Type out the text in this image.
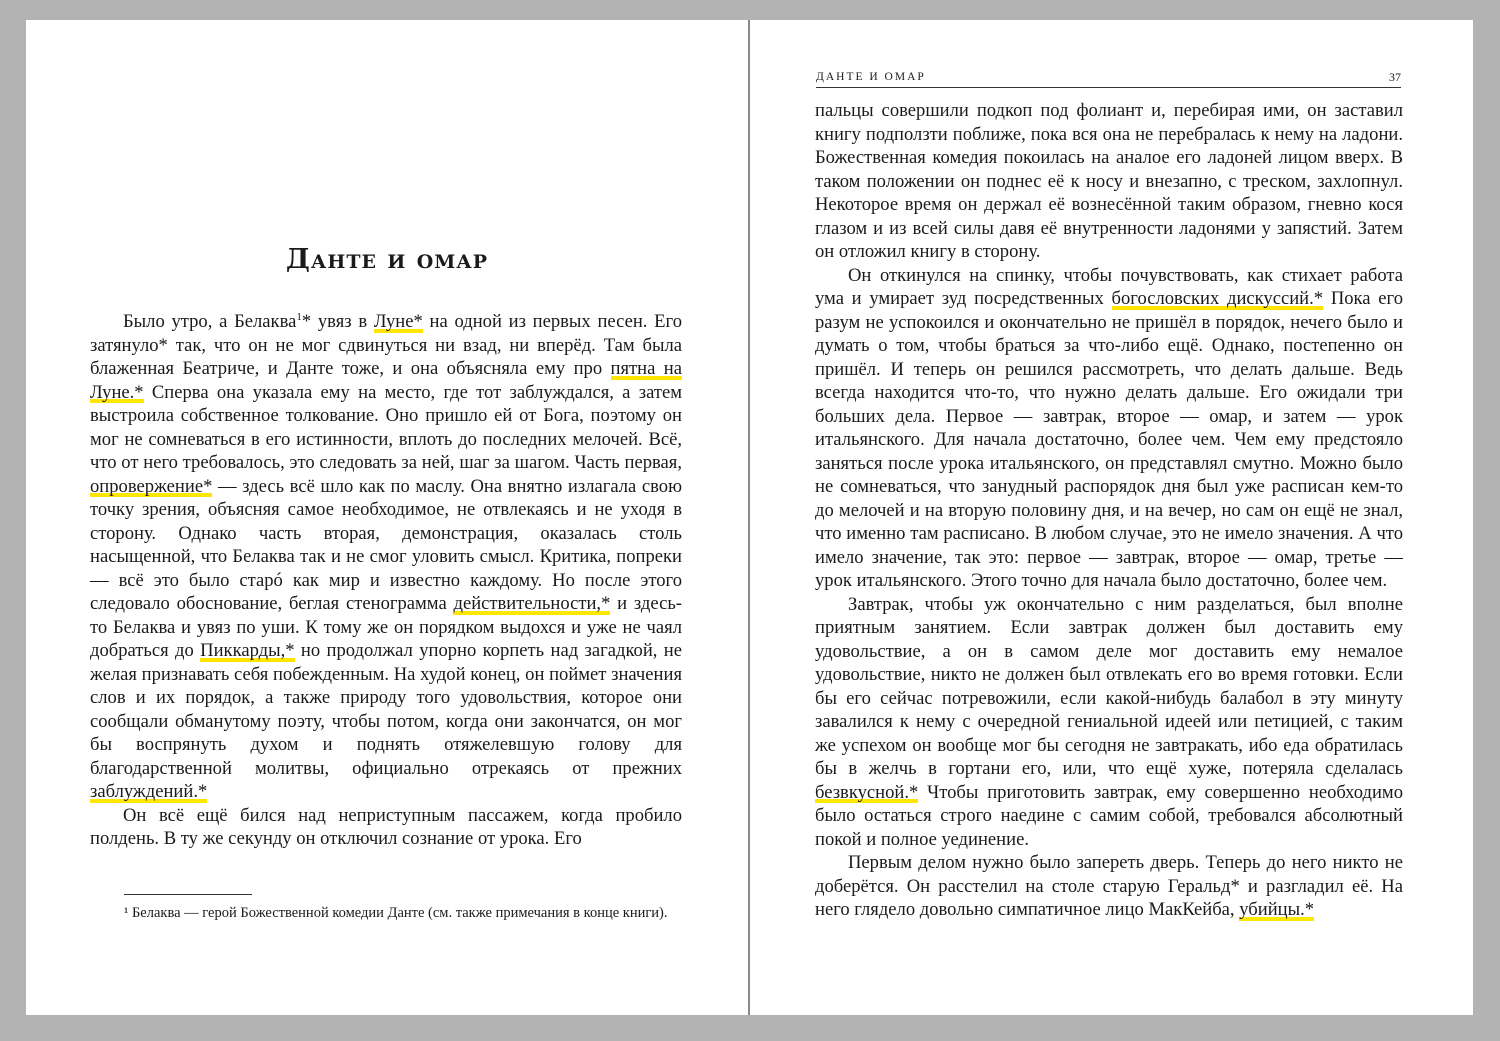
Данте и омар

Было утро, а Белаква$^1$* увяз в Луне* на одной из первых песен. Его затянуло* так, что он не мог сдвинуться ни взад, ни вперёд. Там была блаженная Беатриче, и Данте тоже, и она объясняла ему про пятна на Луне.* Сперва она указала ему на место, где тот заблуждался, а затем выстроила собственное толкование. Оно пришло ей от Бога, поэтому он мог не сомневаться в его истинности, вплоть до последних мелочей. Всё, что от него требовалось, это следовать за ней, шаг за шагом. Часть первая, опровержение* — здесь всё шло как по маслу. Она внятно излагала свою точку зрения, объясняя самое необходимое, не отвлекаясь и не уходя в сторону. Однако часть вторая, демонстрация, оказалась столь насыщенной, что Белаква так и не смог уловить смысл. Критика, попреки — всё это было старó как мир и известно каждому. Но после этого следовало обоснование, беглая стенограмма действительности,* и здесь-то Белаква и увяз по уши. К тому же он порядком выдохся и уже не чаял добраться до Пиккарды,* но продолжал упорно корпеть над загадкой, не желая признавать себя побежденным. На худой конец, он поймет значения слов и их порядок, а также природу того удовольствия, которое они сообщали обманутому поэту, чтобы потом, когда они закончатся, он мог бы воспрянуть духом и поднять отяжелевшую голову для благодарственной молитвы, официально отрекаясь от прежних заблуждений.*

Он всё ещё бился над неприступным пассажем, когда пробило полдень. В ту же секунду он отключил сознание от урока. Его

¹ Белаква — герой Божественной комедии Данте (см. также примечания в конце книги).

ДАНТЕ И ОМАР	37

пальцы совершили подкоп под фолиант и, перебирая ими, он заставил книгу подползти поближе, пока вся она не перебралась к нему на ладони. Божественная комедия покоилась на аналое его ладоней лицом вверх. В таком положении он поднес её к носу и внезапно, с треском, захлопнул. Некоторое время он держал её вознесённой таким образом, гневно кося глазом и из всей силы давя её внутренности ладонями у запястий. Затем он отложил книгу в сторону.

Он откинулся на спинку, чтобы почувствовать, как стихает работа ума и умирает зуд посредственных богословских дискуссий.* Пока его разум не успокоился и окончательно не пришёл в порядок, нечего было и думать о том, чтобы браться за что-либо ещё. Однако, постепенно он пришёл. И теперь он решился рассмотреть, что делать дальше. Ведь всегда находится что-то, что нужно делать дальше. Его ожидали три больших дела. Первое — завтрак, второе — омар, и затем — урок итальянского. Для начала достаточно, более чем. Чем ему предстояло заняться после урока итальянского, он представлял смутно. Можно было не сомневаться, что занудный распорядок дня был уже расписан кем-то до мелочей и на вторую половину дня, и на вечер, но сам он ещё не знал, что именно там расписано. В любом случае, это не имело значения. А что имело значение, так это: первое — завтрак, второе — омар, третье — урок итальянского. Этого точно для начала было достаточно, более чем.

Завтрак, чтобы уж окончательно с ним разделаться, был вполне приятным занятием. Если завтрак должен был доставить ему удовольствие, а он в самом деле мог доставить ему немалое удовольствие, никто не должен был отвлекать его во время готовки. Если бы его сейчас потревожили, если какой-нибудь балабол в эту минуту завалился к нему с очередной гениальной идеей или петицией, с таким же успехом он вообще мог бы сегодня не завтракать, ибо еда обратилась бы в желчь в гортани его, или, что ещё хуже, потеряла сделалась безвкусной.* Чтобы приготовить завтрак, ему совершенно необходимо было остаться строго наедине с самим собой, требовался абсолютный покой и полное уединение.

Первым делом нужно было запереть дверь. Теперь до него никто не доберётся. Он расстелил на столе старую Геральд* и разгладил её. На него глядело довольно симпатичное лицо МакКейба, убийцы.*
